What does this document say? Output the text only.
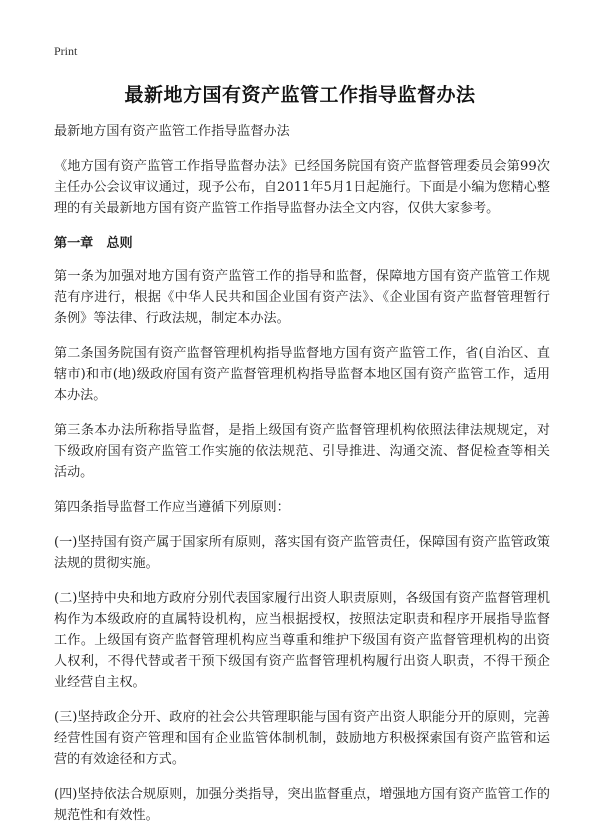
Print
最新地方国有资产监管工作指导监督办法

最新地方国有资产监管工作指导监督办法

《地方国有资产监管工作指导监督办法》已经国务院国有资产监督管理委员会第99次主任办公会议审议通过，现予公布，自2011年5月1日起施行。下面是小编为您精心整理的有关最新地方国有资产监管工作指导监督办法全文内容，仅供大家参考。

第一章　总则

第一条为加强对地方国有资产监管工作的指导和监督，保障地方国有资产监管工作规范有序进行，根据《中华人民共和国企业国有资产法》、《企业国有资产监督管理暂行条例》等法律、行政法规，制定本办法。

第二条国务院国有资产监督管理机构指导监督地方国有资产监管工作，省(自治区、直辖市)和市(地)级政府国有资产监督管理机构指导监督本地区国有资产监管工作，适用本办法。

第三条本办法所称指导监督，是指上级国有资产监督管理机构依照法律法规规定，对下级政府国有资产监管工作实施的依法规范、引导推进、沟通交流、督促检查等相关活动。

第四条指导监督工作应当遵循下列原则：

(一)坚持国有资产属于国家所有原则，落实国有资产监管责任，保障国有资产监管政策法规的贯彻实施。

(二)坚持中央和地方政府分别代表国家履行出资人职责原则，各级国有资产监督管理机构作为本级政府的直属特设机构，应当根据授权，按照法定职责和程序开展指导监督工作。上级国有资产监督管理机构应当尊重和维护下级国有资产监督管理机构的出资人权利，不得代替或者干预下级国有资产监督管理机构履行出资人职责，不得干预企业经营自主权。

(三)坚持政企分开、政府的社会公共管理职能与国有资产出资人职能分开的原则，完善经营性国有资产管理和国有企业监管体制机制，鼓励地方积极探索国有资产监管和运营的有效途径和方式。

(四)坚持依法合规原则，加强分类指导，突出监督重点，增强地方国有资产监管工作的规范性和有效性。
